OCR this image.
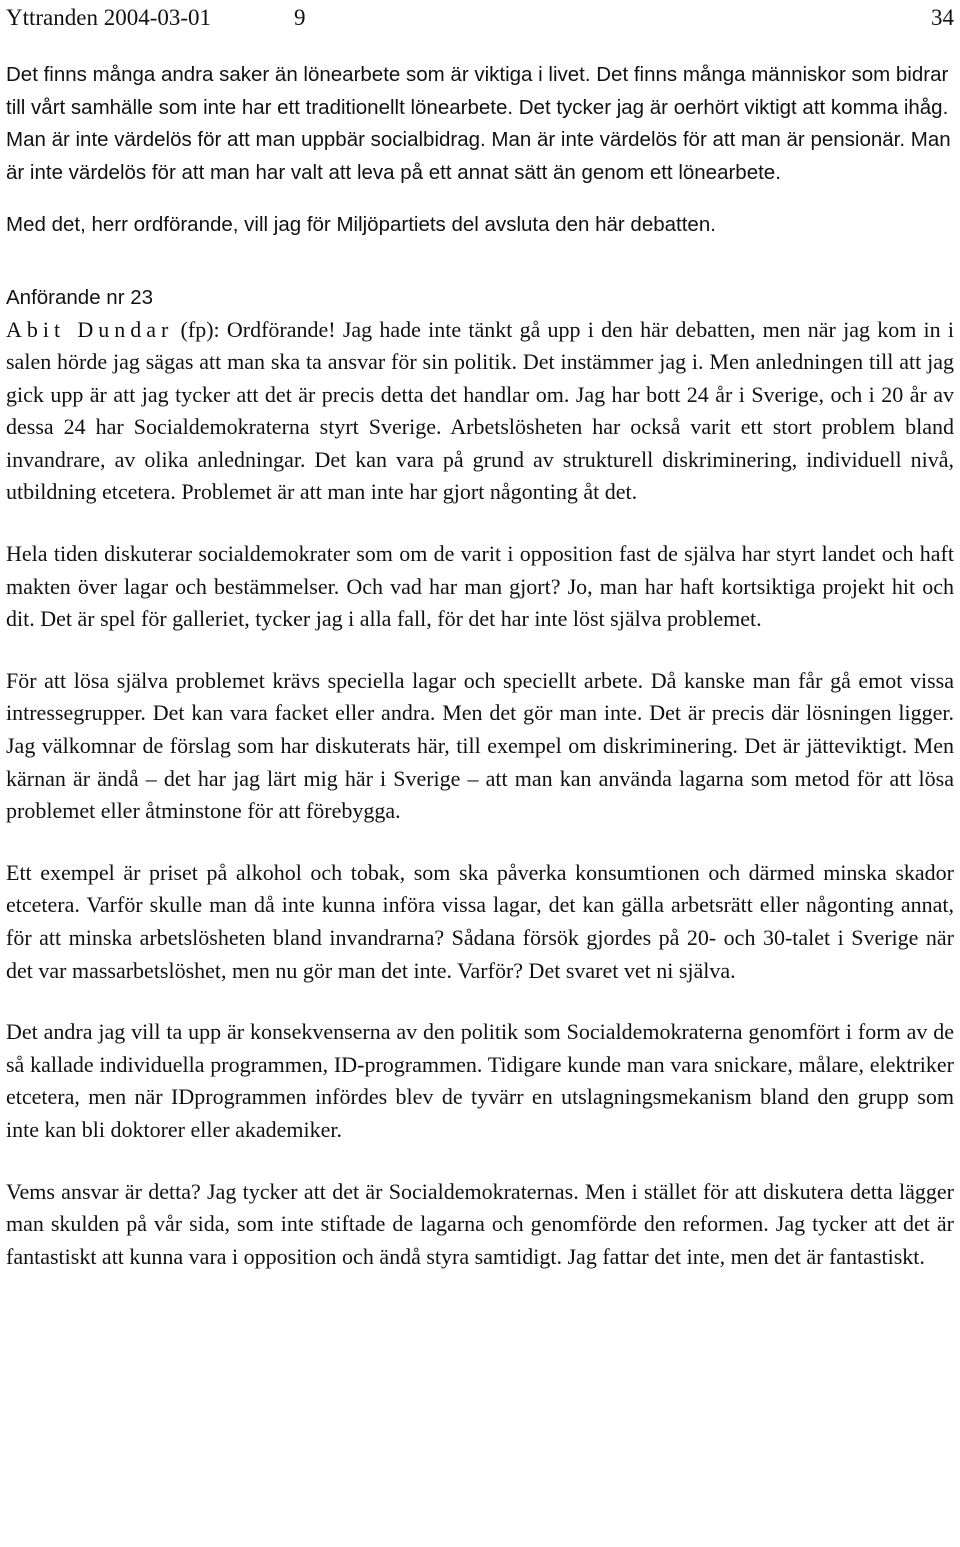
Yttranden 2004-03-01	9	34

Det finns många andra saker än lönearbete som är viktiga i livet. Det finns många människor som bidrar till vårt samhälle som inte har ett traditionellt lönearbete. Det tycker jag är oerhört viktigt att komma ihåg. Man är inte värdelös för att man uppbär socialbidrag. Man är inte värdelös för att man är pensionär. Man är inte värdelös för att man har valt att leva på ett annat sätt än genom ett lönearbete.

Med det, herr ordförande, vill jag för Miljöpartiets del avsluta den här debatten.

Anförande nr 23

Abit Dundar (fp): Ordförande! Jag hade inte tänkt gå upp i den här debatten, men när jag kom in i salen hörde jag sägas att man ska ta ansvar för sin politik. Det instämmer jag i. Men anledningen till att jag gick upp är att jag tycker att det är precis detta det handlar om. Jag har bott 24 år i Sverige, och i 20 år av dessa 24 har Socialdemokraterna styrt Sverige. Arbetslösheten har också varit ett stort problem bland invandrare, av olika anledningar. Det kan vara på grund av strukturell diskriminering, individuell nivå, utbildning etcetera. Problemet är att man inte har gjort någonting åt det.

Hela tiden diskuterar socialdemokrater som om de varit i opposition fast de själva har styrt landet och haft makten över lagar och bestämmelser. Och vad har man gjort? Jo, man har haft kortsiktiga projekt hit och dit. Det är spel för galleriet, tycker jag i alla fall, för det har inte löst själva problemet.

För att lösa själva problemet krävs speciella lagar och speciellt arbete. Då kanske man får gå emot vissa intressegrupper. Det kan vara facket eller andra. Men det gör man inte. Det är precis där lösningen ligger. Jag välkomnar de förslag som har diskuterats här, till exempel om diskriminering. Det är jätteviktigt. Men kärnan är ändå – det har jag lärt mig här i Sverige – att man kan använda lagarna som metod för att lösa problemet eller åtminstone för att förebygga.

Ett exempel är priset på alkohol och tobak, som ska påverka konsumtionen och därmed minska skador etcetera. Varför skulle man då inte kunna införa vissa lagar, det kan gälla arbetsrätt eller någonting annat, för att minska arbetslösheten bland invandrarna? Sådana försök gjordes på 20- och 30-talet i Sverige när det var massarbetslöshet, men nu gör man det inte. Varför? Det svaret vet ni själva.

Det andra jag vill ta upp är konsekvenserna av den politik som Socialdemokraterna genomfört i form av de så kallade individuella programmen, ID-programmen. Tidigare kunde man vara snickare, målare, elektriker etcetera, men när IDprogrammen infördes blev de tyvärr en utslagningsmekanism bland den grupp som inte kan bli doktorer eller akademiker.

Vems ansvar är detta? Jag tycker att det är Socialdemokraternas. Men i stället för att diskutera detta lägger man skulden på vår sida, som inte stiftade de lagarna och genomförde den reformen. Jag tycker att det är fantastiskt att kunna vara i opposition och ändå styra samtidigt. Jag fattar det inte, men det är fantastiskt.
